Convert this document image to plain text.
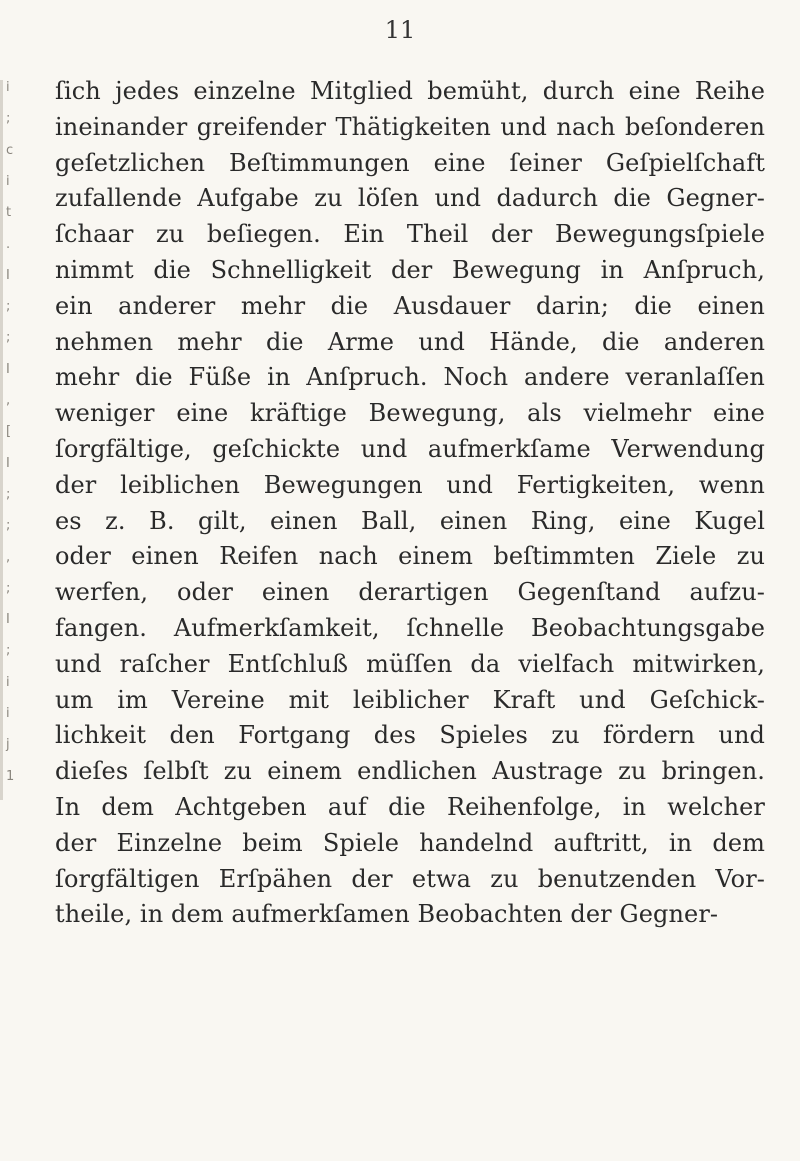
11
i
;
c
i
t
.
I
;
;
I
,
[
I
;
;
,
;
I
;
i
i
j
1
ſich jedes einzelne Mitglied bemüht, durch eine Reihe
ineinander greifender Thätigkeiten und nach beſonderen
geſetzlichen Beſtimmungen eine ſeiner Geſpielſchaft
zufallende Aufgabe zu löſen und dadurch die Gegner-
ſchaar zu beſiegen. Ein Theil der Bewegungsſpiele
nimmt die Schnelligkeit der Bewegung in Anſpruch,
ein anderer mehr die Ausdauer darin; die einen
nehmen mehr die Arme und Hände, die anderen
mehr die Füße in Anſpruch. Noch andere veranlaſſen
weniger eine kräftige Bewegung, als vielmehr eine
ſorgfältige, geſchickte und aufmerkſame Verwendung
der leiblichen Bewegungen und Fertigkeiten, wenn
es z. B. gilt, einen Ball, einen Ring, eine Kugel
oder einen Reifen nach einem beſtimmten Ziele zu
werfen, oder einen derartigen Gegenſtand aufzu-
fangen. Aufmerkſamkeit, ſchnelle Beobachtungsgabe
und raſcher Entſchluß müſſen da vielfach mitwirken,
um im Vereine mit leiblicher Kraft und Geſchick-
lichkeit den Fortgang des Spieles zu fördern und
dieſes ſelbſt zu einem endlichen Austrage zu bringen.
In dem Achtgeben auf die Reihenfolge, in welcher
der Einzelne beim Spiele handelnd auftritt, in dem
ſorgfältigen Erſpähen der etwa zu benutzenden Vor-
theile, in dem aufmerkſamen Beobachten der Gegner-
